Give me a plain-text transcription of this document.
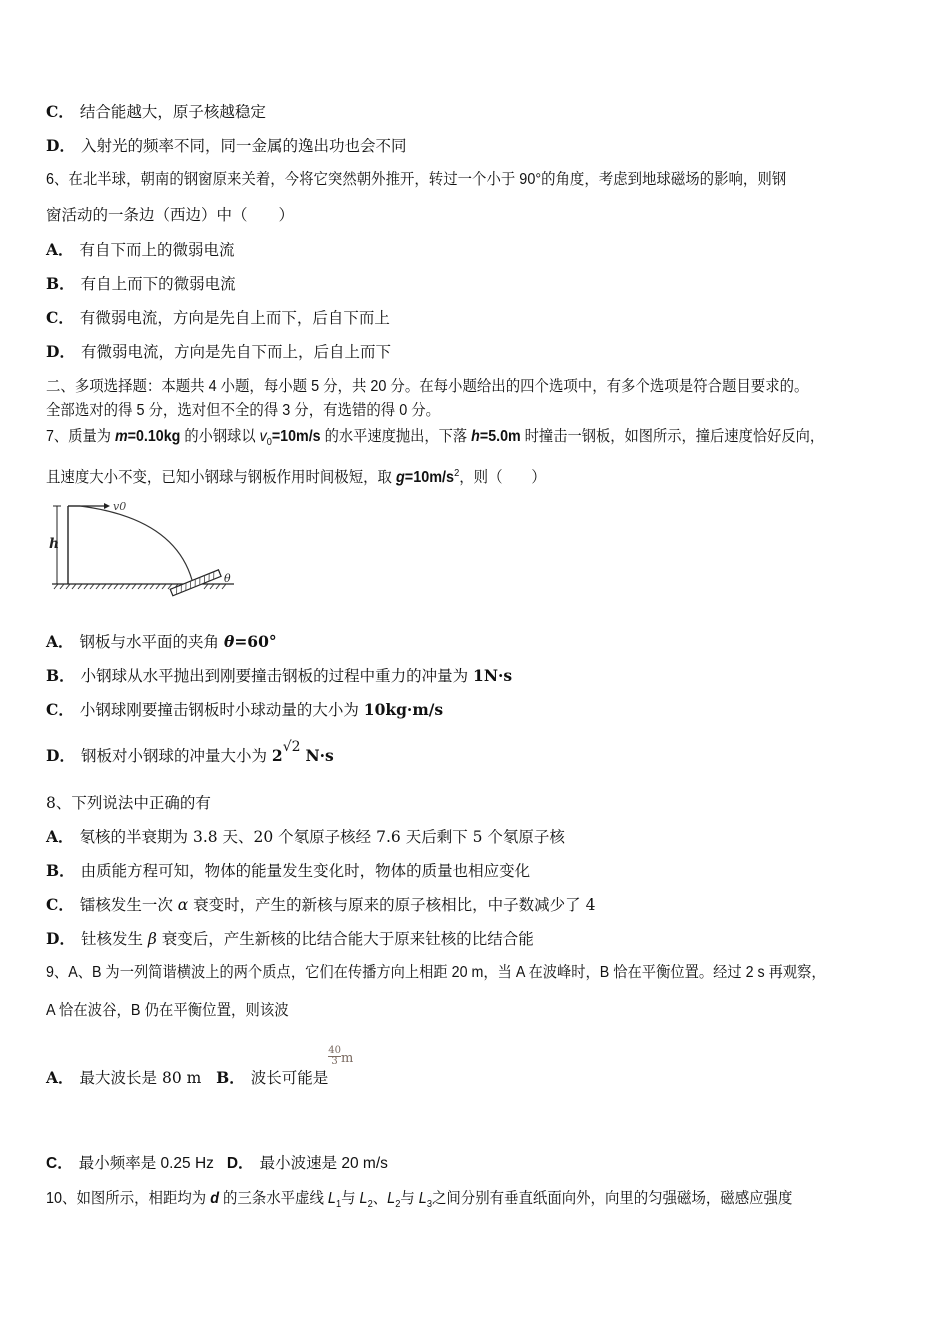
C． 结合能越大，原子核越稳定
D． 入射光的频率不同，同一金属的逸出功也会不同
6、在北半球，朝南的钢窗原来关着，今将它突然朝外推开，转过一个小于 90°的角度，考虑到地球磁场的影响，则钢
窗活动的一条边（西边）中（　　）
A． 有自下而上的微弱电流
B． 有自上而下的微弱电流
C． 有微弱电流，方向是先自上而下，后自下而上
D． 有微弱电流，方向是先自下而上，后自上而下
二、多项选择题：本题共 4 小题，每小题 5 分，共 20 分。在每小题给出的四个选项中，有多个选项是符合题目要求的。
全部选对的得 5 分，选对但不全的得 3 分，有选错的得 0 分。
7、质量为 m=0.10kg 的小钢球以 $v_0=10m/s$ 的水平速度抛出，下落 h=5.0m 时撞击一钢板，如图所示，撞后速度恰好反向，
且速度大小不变，已知小钢球与钢板作用时间极短，取 $g=10m/s^2$，则（　　）
h
v0
θ
A． 钢板与水平面的夹角 θ=60°
B． 小钢球从水平抛出到刚要撞击钢板的过程中重力的冲量为 1N·s
C． 小钢球刚要撞击钢板时小球动量的大小为 10kg·m/s
D． 钢板对小钢球的冲量大小为 2√2 N·s
8、下列说法中正确的有
A． 氡核的半衰期为 3.8 天、20 个氡原子核经 7.6 天后剩下 5 个氡原子核
B． 由质能方程可知，物体的能量发生变化时，物体的质量也相应变化
C． 镭核发生一次 α 衰变时，产生的新核与原来的原子核相比，中子数减少了 4
D． 钍核发生 β 衰变后，产生新核的比结合能大于原来钍核的比结合能
9、A、B 为一列简谐横波上的两个质点，它们在传播方向上相距 20 m，当 A 在波峰时，B 恰在平衡位置。经过 2 s 再观察，
A 恰在波谷，B 仍在平衡位置，则该波
A． 最大波长是 80 m B． 波长可能是
$\frac{40}{3} ^m$
C． 最小频率是 0.25 Hz D． 最小波速是 20 m/s
10、如图所示，相距均为 d 的三条水平虚线 $L_1$与 $L_2$、$L_2$与 $L_3$之间分别有垂直纸面向外，向里的匀强磁场，磁感应强度
